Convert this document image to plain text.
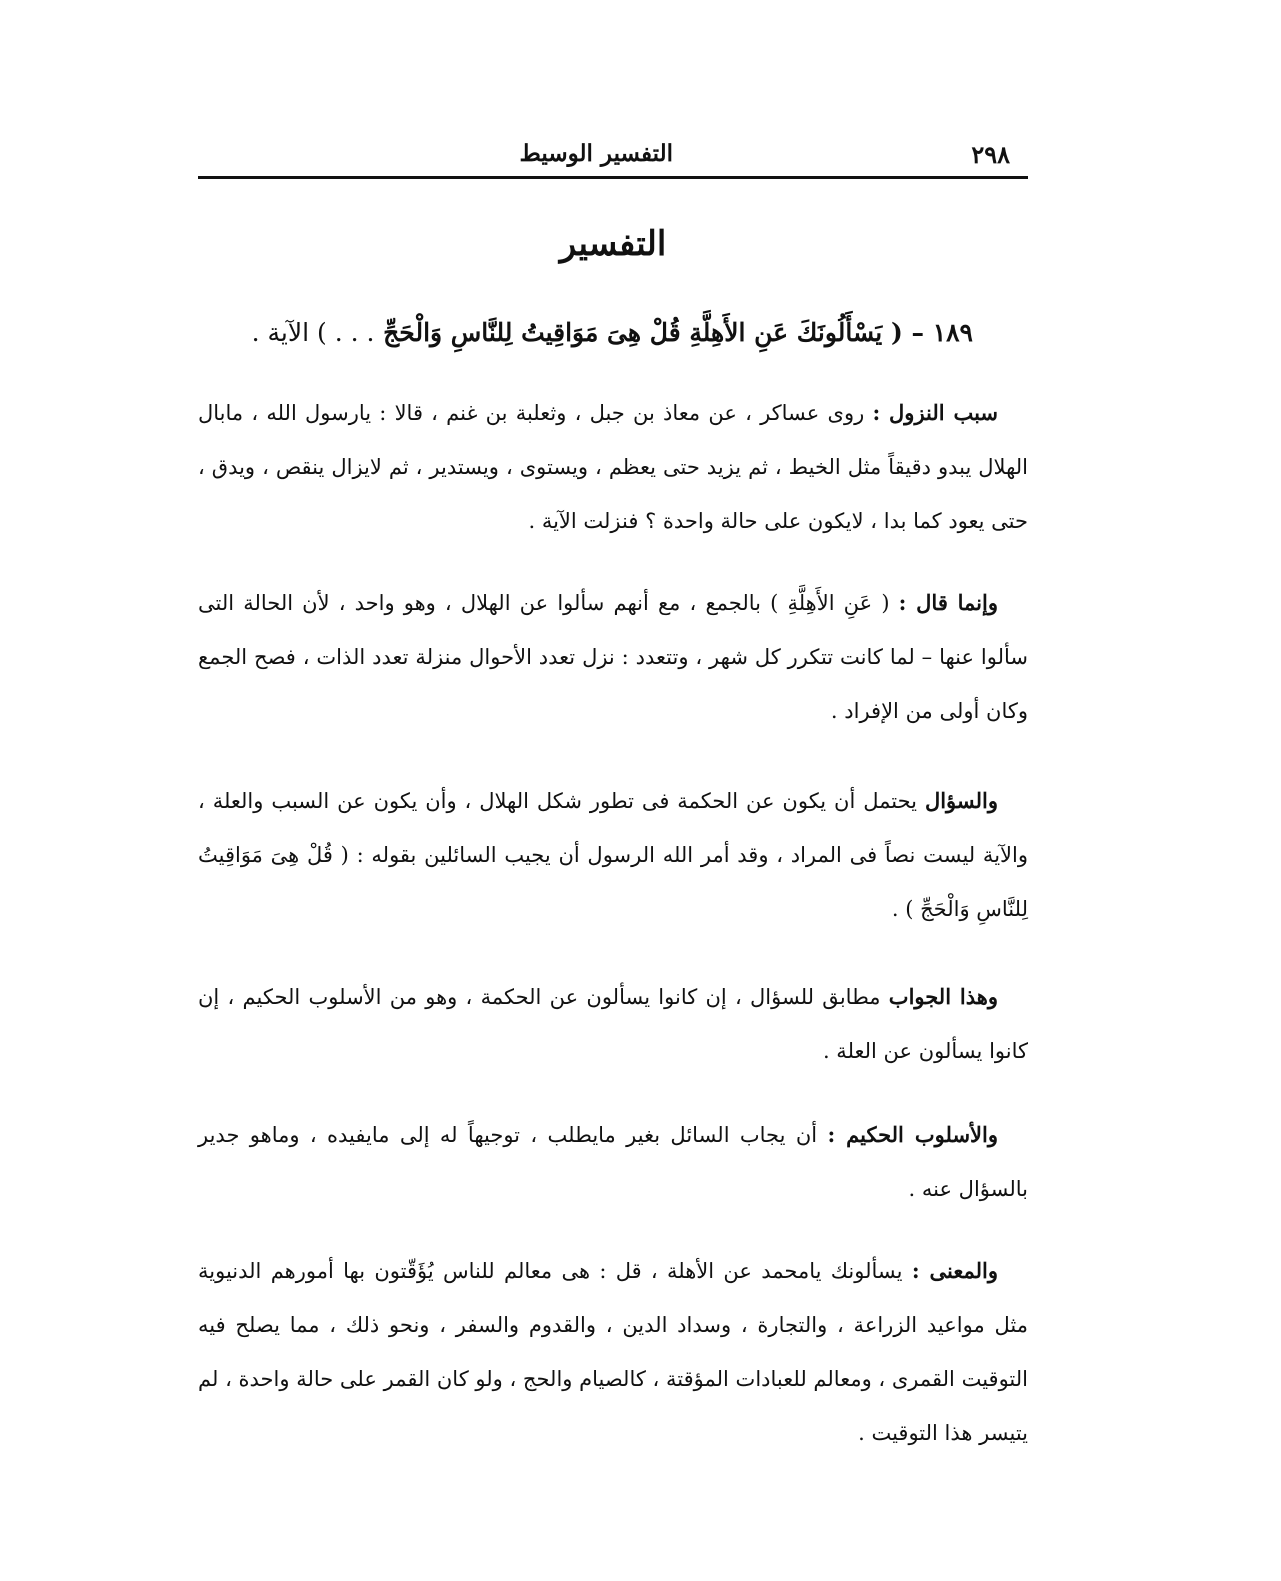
٢٩٨
التفسير الوسيط
التفسير
١٨٩ – ( يَسْأَلُونَكَ عَنِ الأَهِلَّةِ قُلْ هِىَ مَوَاقِيتُ لِلنَّاسِ وَالْحَجِّ . . . ) الآية .

سبب النزول : روى عساكر ، عن معاذ بن جبل ، وثعلبة بن غنم ، قالا : يارسول الله ، مابال الهلال يبدو دقيقاً مثل الخيط ، ثم يزيد حتى يعظم ، ويستوى ، ويستدير ، ثم لايزال ينقص ، ويدق ، حتى يعود كما بدا ، لايكون على حالة واحدة ؟ فنزلت الآية .

وإنما قال : ( عَنِ الأَهِلَّةِ ) بالجمع ، مع أنهم سألوا عن الهلال ، وهو واحد ، لأن الحالة التى سألوا عنها – لما كانت تتكرر كل شهر ، وتتعدد : نزل تعدد الأحوال منزلة تعدد الذات ، فصح الجمع وكان أولى من الإفراد .

والسؤال يحتمل أن يكون عن الحكمة فى تطور شكل الهلال ، وأن يكون عن السبب والعلة ، والآية ليست نصاً فى المراد ، وقد أمر الله الرسول أن يجيب السائلين بقوله : ( قُلْ هِىَ مَوَاقِيتُ لِلنَّاسِ وَالْحَجِّ ) .

وهذا الجواب مطابق للسؤال ، إن كانوا يسألون عن الحكمة ، وهو من الأسلوب الحكيم ، إن كانوا يسألون عن العلة .

والأسلوب الحكيم : أن يجاب السائل بغير مايطلب ، توجيهاً له إلى مايفيده ، وماهو جدير بالسؤال عنه .

والمعنى : يسألونك يامحمد عن الأهلة ، قل : هى معالم للناس يُؤَقّتون بها أمورهم الدنيوية مثل مواعيد الزراعة ، والتجارة ، وسداد الدين ، والقدوم والسفر ، ونحو ذلك ، مما يصلح فيه التوقيت القمرى ، ومعالم للعبادات المؤقتة ، كالصيام والحج ، ولو كان القمر على حالة واحدة ، لم يتيسر هذا التوقيت .
